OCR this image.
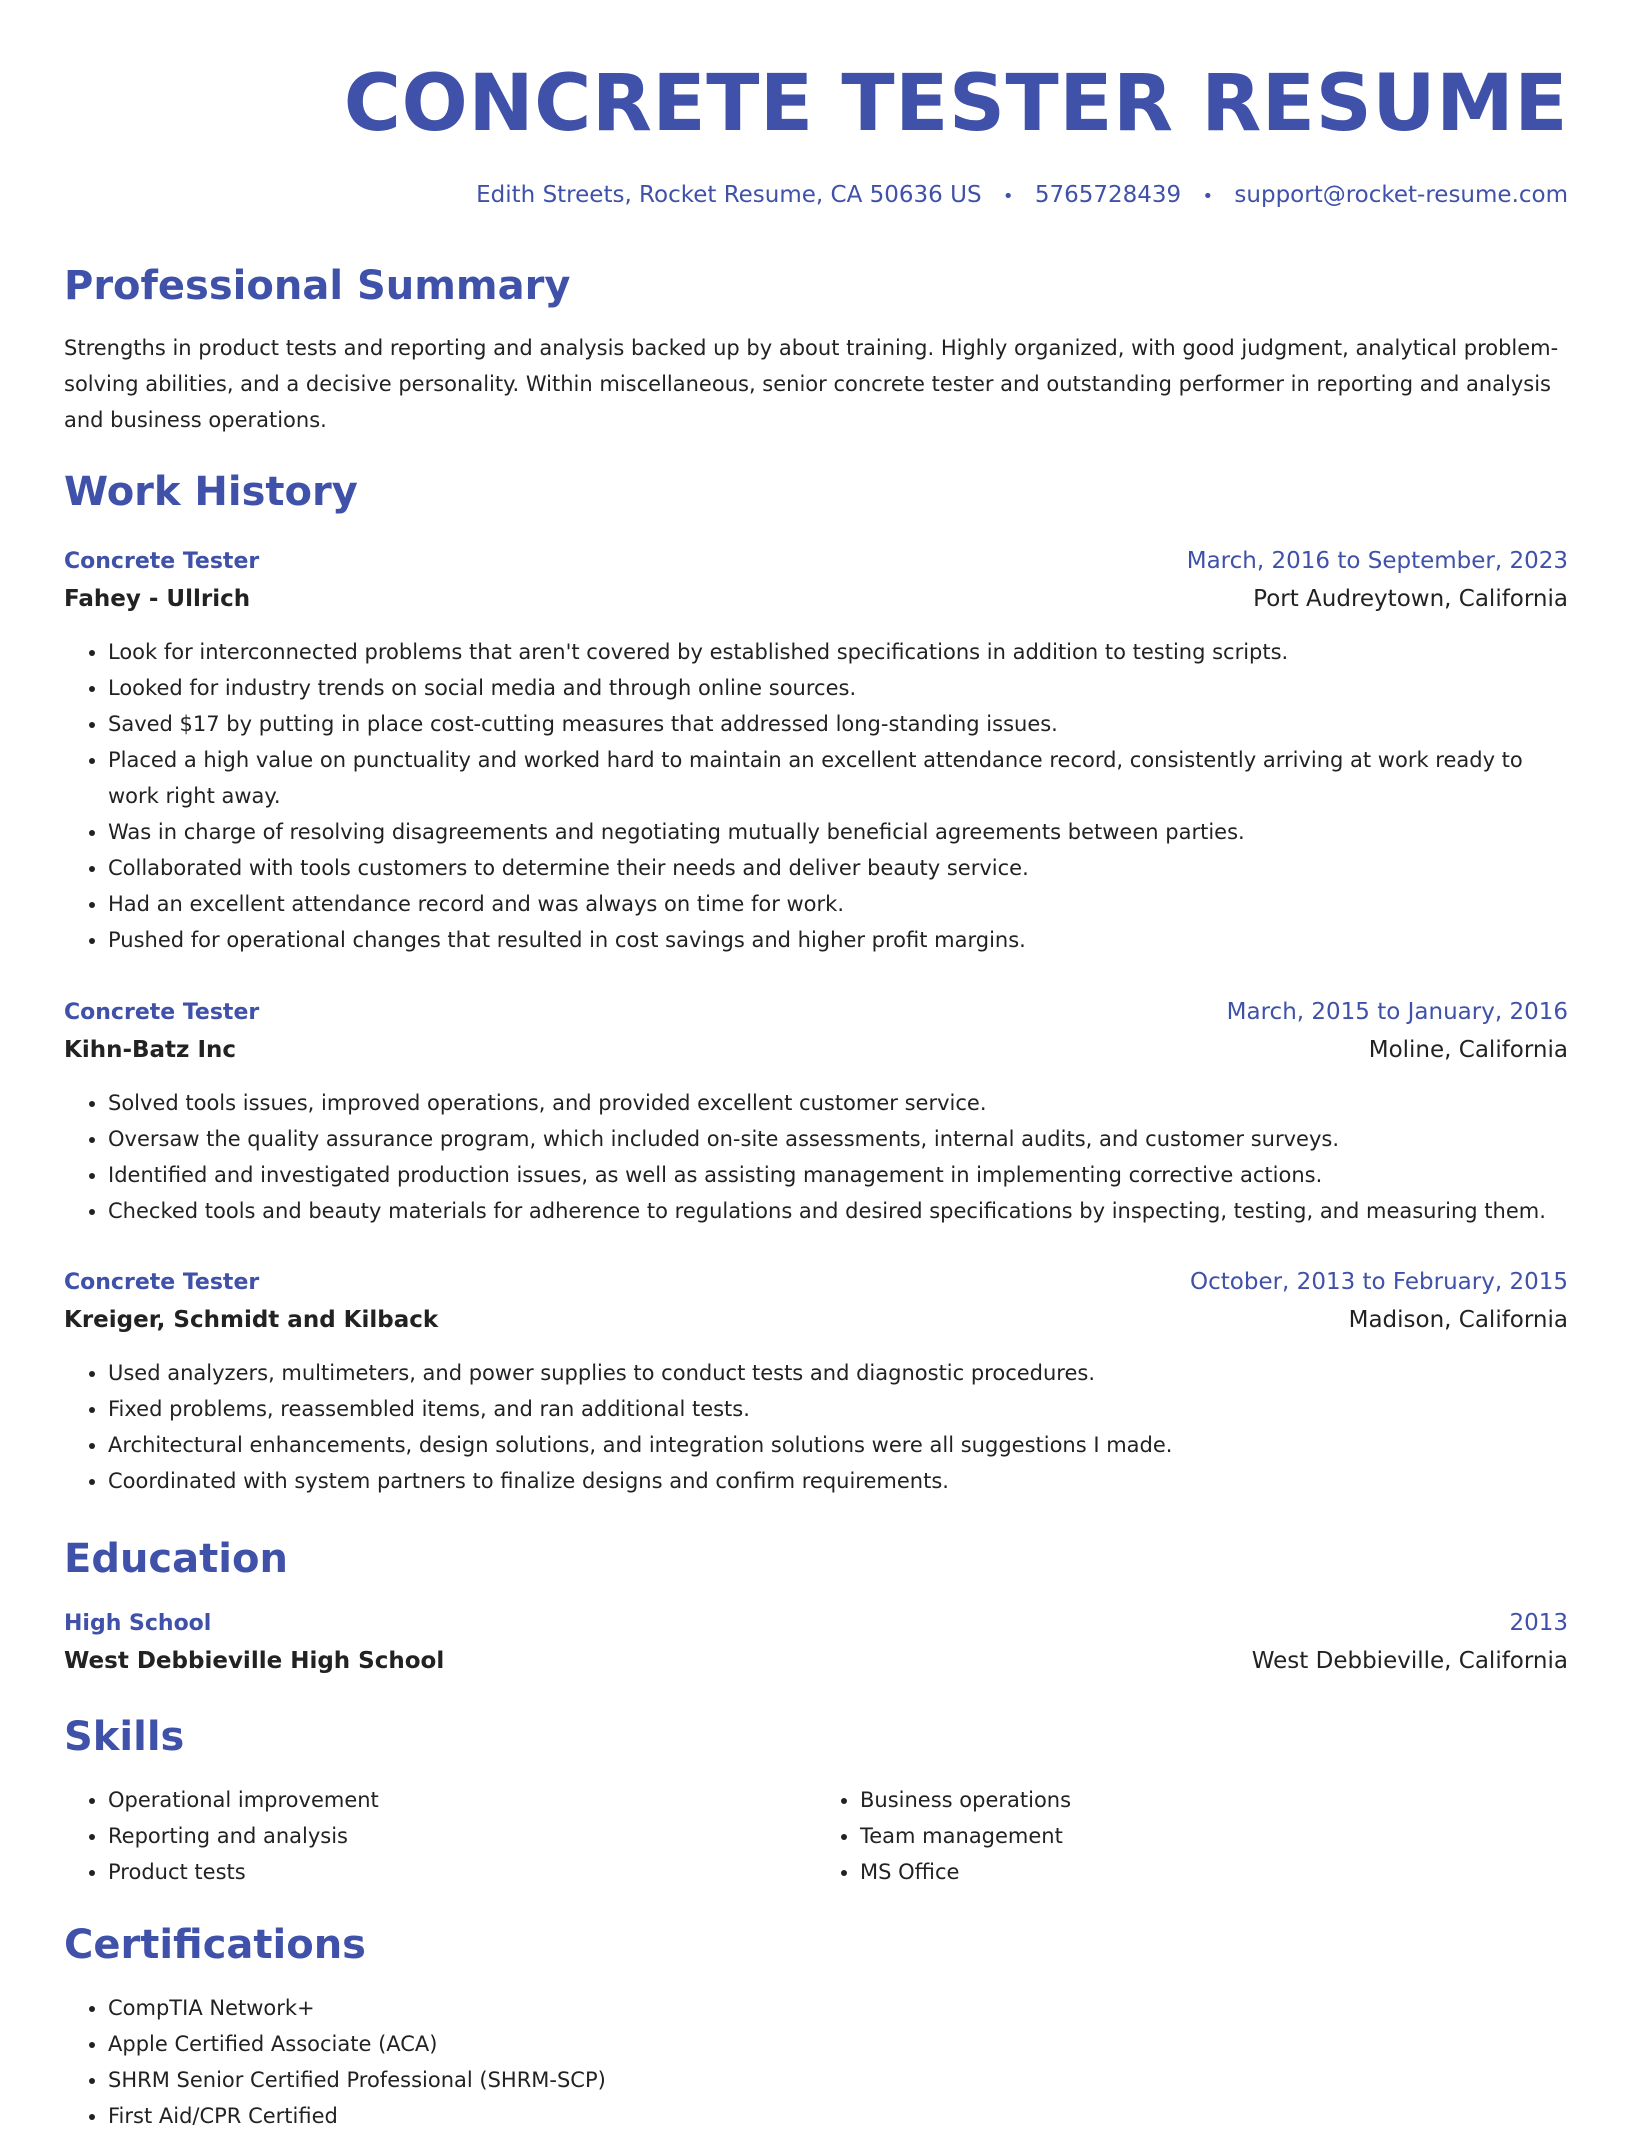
CONCRETE TESTER RESUME
Edith Streets, Rocket Resume, CA 50636 US • 5765728439 • support@rocket-resume.com
Professional Summary

Strengths in product tests and reporting and analysis backed up by about training. Highly organized, with good judgment, analytical problem-solving abilities, and a decisive personality. Within miscellaneous, senior concrete tester and outstanding performer in reporting and analysis and business operations.

Work History
Concrete Tester	March, 2016 to September, 2023
Fahey - Ullrich	Port Audreytown, California
• Look for interconnected problems that aren't covered by established specifications in addition to testing scripts.
• Looked for industry trends on social media and through online sources.
• Saved $17 by putting in place cost-cutting measures that addressed long-standing issues.
• Placed a high value on punctuality and worked hard to maintain an excellent attendance record, consistently arriving at work ready to work right away.
• Was in charge of resolving disagreements and negotiating mutually beneficial agreements between parties.
• Collaborated with tools customers to determine their needs and deliver beauty service.
• Had an excellent attendance record and was always on time for work.
• Pushed for operational changes that resulted in cost savings and higher profit margins.
Concrete Tester	March, 2015 to January, 2016
Kihn-Batz Inc	Moline, California
• Solved tools issues, improved operations, and provided excellent customer service.
• Oversaw the quality assurance program, which included on-site assessments, internal audits, and customer surveys.
• Identified and investigated production issues, as well as assisting management in implementing corrective actions.
• Checked tools and beauty materials for adherence to regulations and desired specifications by inspecting, testing, and measuring them.
Concrete Tester	October, 2013 to February, 2015
Kreiger, Schmidt and Kilback	Madison, California
• Used analyzers, multimeters, and power supplies to conduct tests and diagnostic procedures.
• Fixed problems, reassembled items, and ran additional tests.
• Architectural enhancements, design solutions, and integration solutions were all suggestions I made.
• Coordinated with system partners to finalize designs and confirm requirements.
Education
High School	2013
West Debbieville High School	West Debbieville, California
Skills
• Operational improvement
• Reporting and analysis
• Product tests
• Business operations
• Team management
• MS Office
Certifications
• CompTIA Network+
• Apple Certified Associate (ACA)
• SHRM Senior Certified Professional (SHRM-SCP)
• First Aid/CPR Certified
